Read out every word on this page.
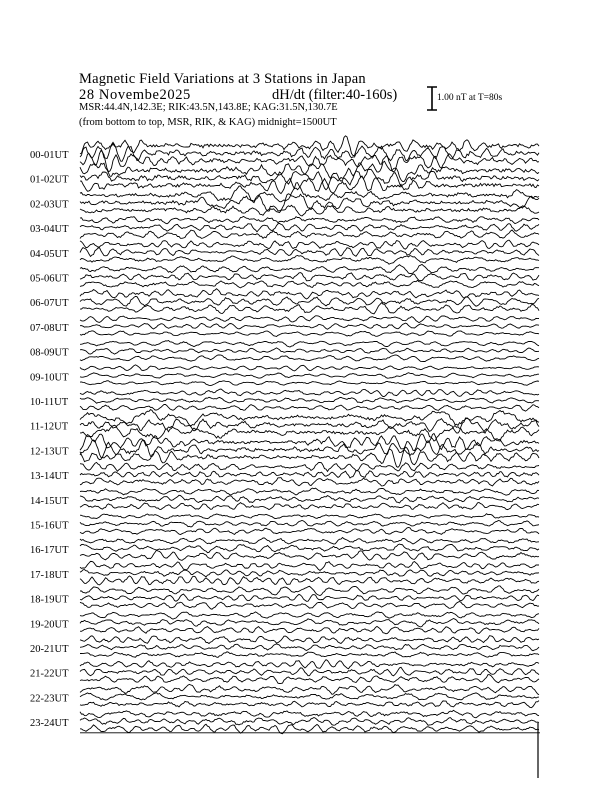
Magnetic Field Variations at 3 Stations in Japan
28 Novembe2025	dH/dt (filter:40-160s)
MSR:44.4N,142.3E; RIK:43.5N,143.8E; KAG:31.5N,130.7E
(from bottom to top, MSR, RIK, & KAG) midnight=1500UT
1.00 nT at T=80s
00-01UT
01-02UT
02-03UT
03-04UT
04-05UT
05-06UT
06-07UT
07-08UT
08-09UT
09-10UT
10-11UT
11-12UT
12-13UT
13-14UT
14-15UT
15-16UT
16-17UT
17-18UT
18-19UT
19-20UT
20-21UT
21-22UT
22-23UT
23-24UT
